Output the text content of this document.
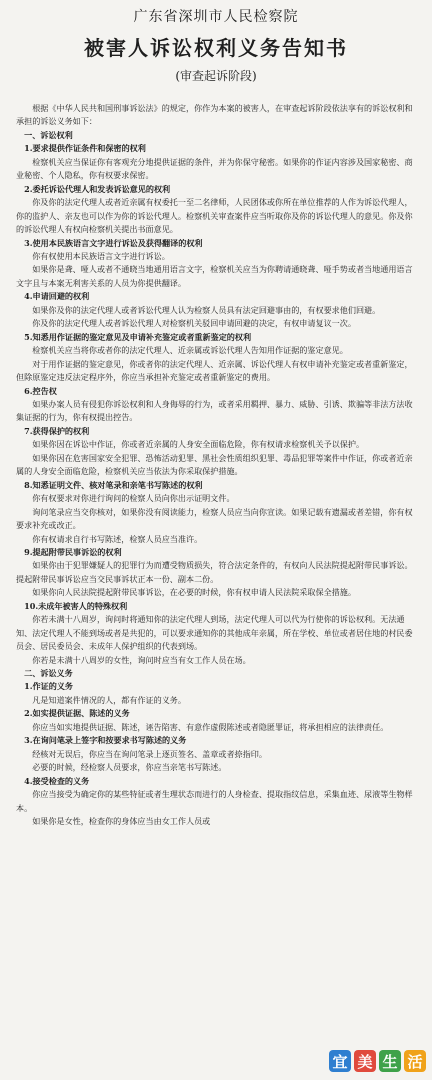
广东省深圳市人民检察院
被害人诉讼权利义务告知书
(审查起诉阶段)

根据《中华人民共和国刑事诉讼法》的规定，你作为本案的被害人，在审查起诉阶段依法享有的诉讼权利和承担的诉讼义务如下：

一、诉讼权利

1.要求提供作证条件和保密的权利

检察机关应当保证你有客观充分地提供证据的条件，并为你保守秘密。如果你的作证内容涉及国家秘密、商业秘密、个人隐私，你有权要求保密。

2.委托诉讼代理人和发表诉讼意见的权利

你及你的法定代理人或者近亲属有权委托一至二名律师，人民团体或你所在单位推荐的人作为诉讼代理人，你的监护人、亲友也可以作为你的诉讼代理人。检察机关审查案件应当听取你及你的诉讼代理人的意见。你及你的诉讼代理人有权向检察机关提出书面意见。

3.使用本民族语言文字进行诉讼及获得翻译的权利

你有权使用本民族语言文字进行诉讼。

如果你是聋、哑人或者不通晓当地通用语言文字，检察机关应当为你聘请通晓聋、哑手势或者当地通用语言文字且与本案无利害关系的人员为你提供翻译。

4.申请回避的权利

如果你及你的法定代理人或者诉讼代理人认为检察人员具有法定回避事由的，有权要求他们回避。

你及你的法定代理人或者诉讼代理人对检察机关驳回申请回避的决定，有权申请复议一次。

5.知悉用作证据的鉴定意见及申请补充鉴定或者重新鉴定的权利

检察机关应当将你或者你的法定代理人、近亲属或诉讼代理人告知用作证据的鉴定意见。

对于用作证据的鉴定意见，你或者你的法定代理人、近亲属、诉讼代理人有权申请补充鉴定或者重新鉴定，但除原鉴定违反法定程序外，你应当承担补充鉴定或者重新鉴定的费用。

6.控告权

如果办案人员有侵犯你诉讼权利和人身侮辱的行为，或者采用羁押、暴力、威胁、引诱、欺骗等非法方法收集证据的行为，你有权提出控告。

7.获得保护的权利

如果你因在诉讼中作证，你或者近亲属的人身安全面临危险，你有权请求检察机关予以保护。

如果你因在危害国家安全犯罪、恐怖活动犯罪、黑社会性质组织犯罪、毒品犯罪等案件中作证，你或者近亲属的人身安全面临危险，检察机关应当依法为你采取保护措施。

8.知悉证明文件、核对笔录和亲笔书写陈述的权利

你有权要求对你进行询问的检察人员向你出示证明文件。

询问笔录应当交你核对，如果你没有阅读能力，检察人员应当向你宣读。如果记载有遗漏或者差错，你有权要求补充或改正。

你有权请求自行书写陈述，检察人员应当准许。

9.提起附带民事诉讼的权利

如果你由于犯罪嫌疑人的犯罪行为而遭受物质损失，符合法定条件的，有权向人民法院提起附带民事诉讼。提起附带民事诉讼应当交民事诉状正本一份、副本二份。

如果你向人民法院提起附带民事诉讼，在必要的时候，你有权申请人民法院采取保全措施。

10.未成年被害人的特殊权利

你若未满十八周岁，询问时将通知你的法定代理人到场，法定代理人可以代为行使你的诉讼权利。无法通知、法定代理人不能到场或者是共犯的，可以要求通知你的其他成年亲属，所在学校、单位或者居住地的村民委员会、居民委员会、未成年人保护组织的代表到场。

你若是未满十八周岁的女性，询问时应当有女工作人员在场。

二、诉讼义务

1.作证的义务

凡是知道案件情况的人，都有作证的义务。

2.如实提供证据、陈述的义务

你应当如实地提供证据、陈述，诬告陷害、有意作虚假陈述或者隐匿罪证，将承担相应的法律责任。

3.在询问笔录上签字和按要求书写陈述的义务

经核对无误后，你应当在询问笔录上逐页签名、盖章或者捺指印。

必要的时候，经检察人员要求，你应当亲笔书写陈述。

4.接受检查的义务

你应当接受为确定你的某些特征或者生理状态而进行的人身检查、提取指纹信息，采集血迹、尿液等生物样本。

如果你是女性，检查你的身体应当由女工作人员或

宜 美 生 活
